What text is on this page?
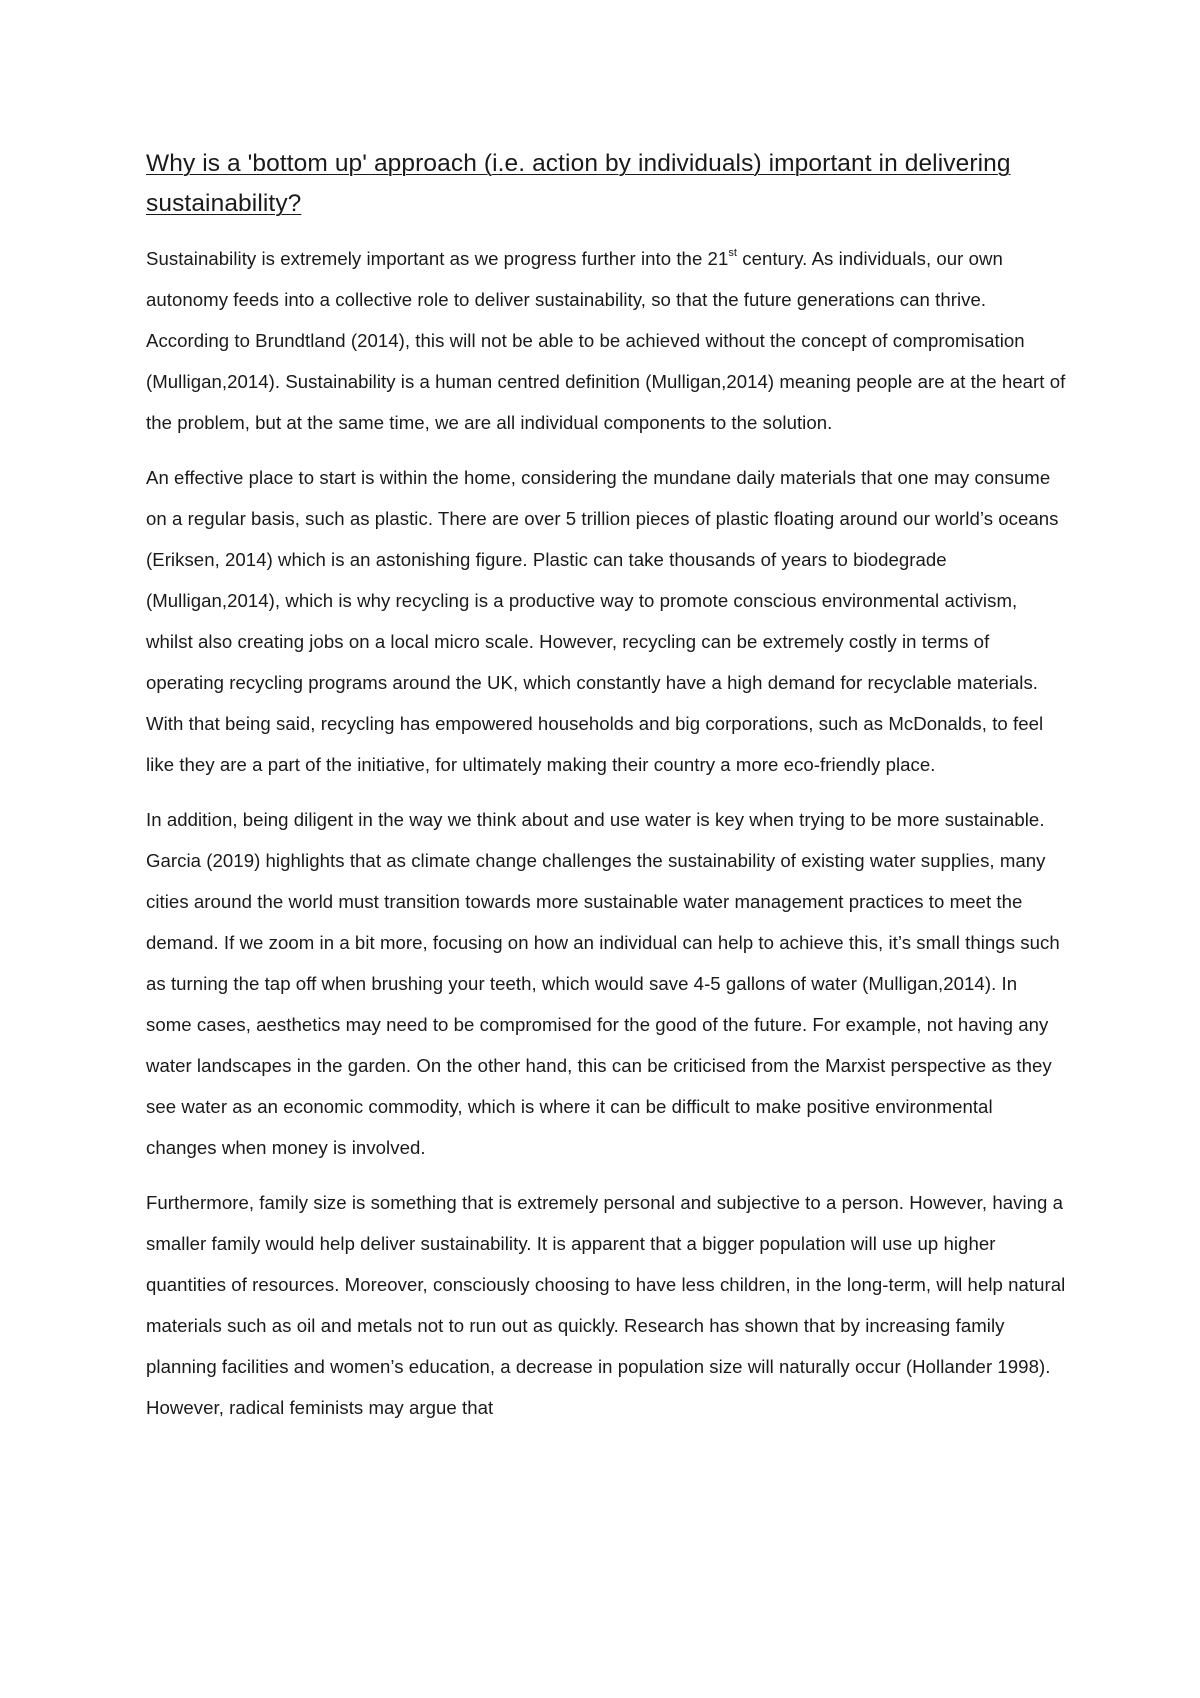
Why is a 'bottom up' approach (i.e. action by individuals) important in delivering sustainability?

Sustainability is extremely important as we progress further into the 21st century. As individuals, our own autonomy feeds into a collective role to deliver sustainability, so that the future generations can thrive. According to Brundtland (2014), this will not be able to be achieved without the concept of compromisation (Mulligan,2014). Sustainability is a human centred definition (Mulligan,2014) meaning people are at the heart of the problem, but at the same time, we are all individual components to the solution.

An effective place to start is within the home, considering the mundane daily materials that one may consume on a regular basis, such as plastic. There are over 5 trillion pieces of plastic floating around our world’s oceans (Eriksen, 2014) which is an astonishing figure. Plastic can take thousands of years to biodegrade (Mulligan,2014), which is why recycling is a productive way to promote conscious environmental activism, whilst also creating jobs on a local micro scale. However, recycling can be extremely costly in terms of operating recycling programs around the UK, which constantly have a high demand for recyclable materials. With that being said, recycling has empowered households and big corporations, such as McDonalds, to feel like they are a part of the initiative, for ultimately making their country a more eco-friendly place.

In addition, being diligent in the way we think about and use water is key when trying to be more sustainable. Garcia (2019) highlights that as climate change challenges the sustainability of existing water supplies, many cities around the world must transition towards more sustainable water management practices to meet the demand. If we zoom in a bit more, focusing on how an individual can help to achieve this, it’s small things such as turning the tap off when brushing your teeth, which would save 4-5 gallons of water (Mulligan,2014). In some cases, aesthetics may need to be compromised for the good of the future. For example, not having any water landscapes in the garden. On the other hand, this can be criticised from the Marxist perspective as they see water as an economic commodity, which is where it can be difficult to make positive environmental changes when money is involved.

Furthermore, family size is something that is extremely personal and subjective to a person. However, having a smaller family would help deliver sustainability. It is apparent that a bigger population will use up higher quantities of resources. Moreover, consciously choosing to have less children, in the long-term, will help natural materials such as oil and metals not to run out as quickly. Research has shown that by increasing family planning facilities and women’s education, a decrease in population size will naturally occur (Hollander 1998). However, radical feminists may argue that
